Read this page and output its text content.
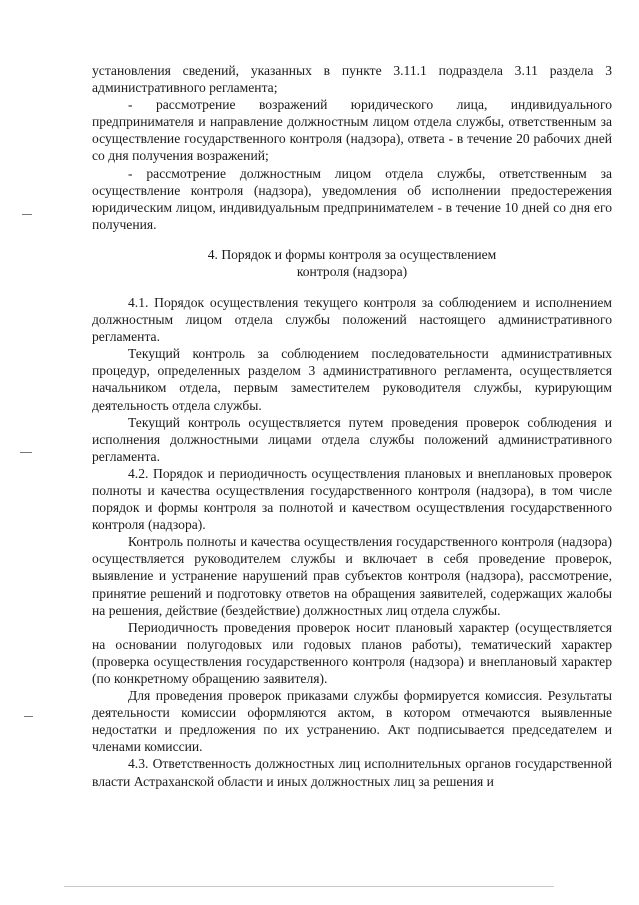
установления сведений, указанных в пункте 3.11.1 подраздела 3.11 раздела 3 административного регламента;

- рассмотрение возражений юридического лица, индивидуального предпринимателя и направление должностным лицом отдела службы, ответственным за осуществление государственного контроля (надзора), ответа - в течение 20 рабочих дней со дня получения возражений;

- рассмотрение должностным лицом отдела службы, ответственным за осуществление контроля (надзора), уведомления об исполнении предостережения юридическим лицом, индивидуальным предпринимателем - в течение 10 дней со дня его получения.

4. Порядок и формы контроля за осуществлением
контроля (надзора)

4.1. Порядок осуществления текущего контроля за соблюдением и исполнением должностным лицом отдела службы положений настоящего административного регламента.

Текущий контроль за соблюдением последовательности административных процедур, определенных разделом 3 административного регламента, осуществляется начальником отдела, первым заместителем руководителя службы, курирующим деятельность отдела службы.

Текущий контроль осуществляется путем проведения проверок соблюдения и исполнения должностными лицами отдела службы положений административного регламента.

4.2. Порядок и периодичность осуществления плановых и внеплановых проверок полноты и качества осуществления государственного контроля (надзора), в том числе порядок и формы контроля за полнотой и качеством осуществления государственного контроля (надзора).

Контроль полноты и качества осуществления государственного контроля (надзора) осуществляется руководителем службы и включает в себя проведение проверок, выявление и устранение нарушений прав субъектов контроля (надзора), рассмотрение, принятие решений и подготовку ответов на обращения заявителей, содержащих жалобы на решения, действие (бездействие) должностных лиц отдела службы.

Периодичность проведения проверок носит плановый характер (осуществляется на основании полугодовых или годовых планов работы), тематический характер (проверка осуществления государственного контроля (надзора) и внеплановый характер (по конкретному обращению заявителя).

Для проведения проверок приказами службы формируется комиссия. Результаты деятельности комиссии оформляются актом, в котором отмечаются выявленные недостатки и предложения по их устранению. Акт подписывается председателем и членами комиссии.

4.3. Ответственность должностных лиц исполнительных органов государственной власти Астраханской области и иных должностных лиц за решения и
